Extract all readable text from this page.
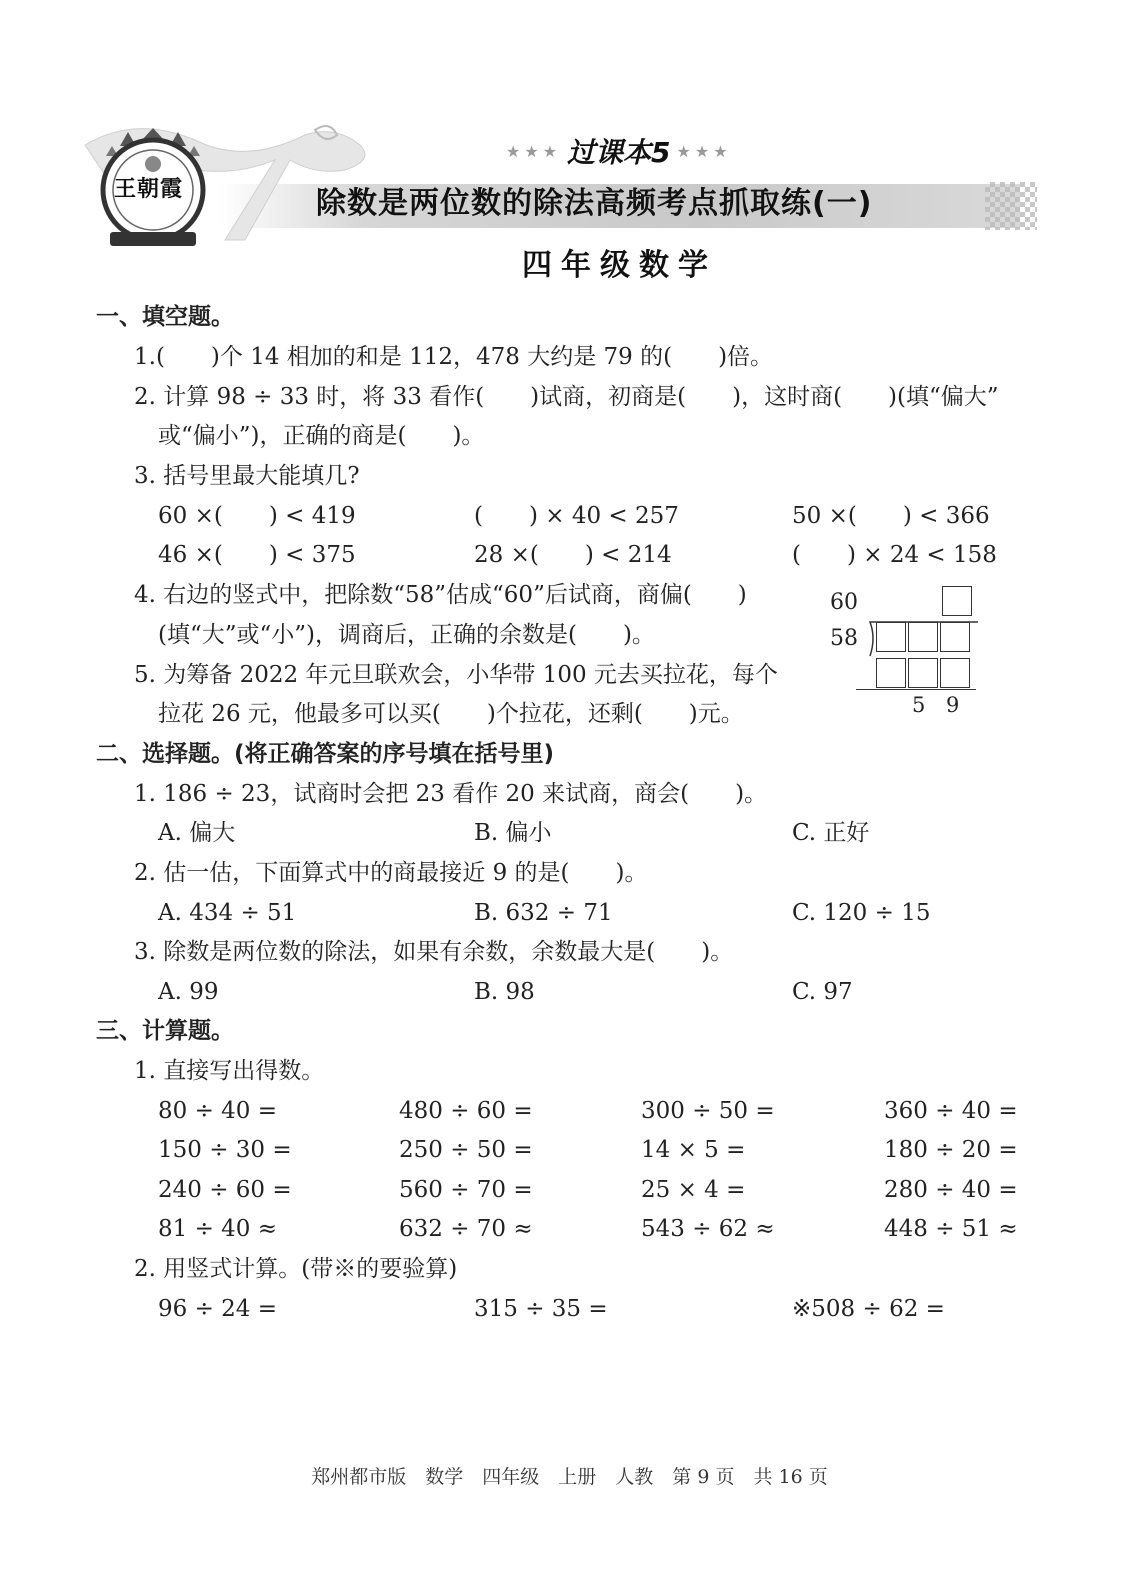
王朝霞
★★★ 过课本5 ★★★
除数是两位数的除法高频考点抓取练(一)
四年级数学
一、填空题。
1.(　　)个 14 相加的和是 112，478 大约是 79 的(　　)倍。
2. 计算 98 ÷ 33 时，将 33 看作(　　)试商，初商是(　　)，这时商(　　)(填“偏大”
或“偏小”)，正确的商是(　　)。
3. 括号里最大能填几?
60 ×(　　) < 419	(　　) × 40 < 257	50 ×(　　) < 366
46 ×(　　) < 375	28 ×(　　) < 214	(　　) × 24 < 158
4. 右边的竖式中，把除数“58”估成“60”后试商，商偏(　　)
(填“大”或“小”)，调商后，正确的余数是(　　)。
5. 为筹备 2022 年元旦联欢会，小华带 100 元去买拉花，每个
拉花 26 元，他最多可以买(　　)个拉花，还剩(　　)元。
60
58
5 9
二、选择题。(将正确答案的序号填在括号里)
1. 186 ÷ 23，试商时会把 23 看作 20 来试商，商会(　　)。
A. 偏大	B. 偏小	C. 正好
2. 估一估，下面算式中的商最接近 9 的是(　　)。
A. 434 ÷ 51	B. 632 ÷ 71	C. 120 ÷ 15
3. 除数是两位数的除法，如果有余数，余数最大是(　　)。
A. 99	B. 98	C. 97
三、计算题。
1. 直接写出得数。
80 ÷ 40 =	480 ÷ 60 =	300 ÷ 50 =	360 ÷ 40 =
150 ÷ 30 =	250 ÷ 50 =	14 × 5 =	180 ÷ 20 =
240 ÷ 60 =	560 ÷ 70 =	25 × 4 =	280 ÷ 40 =
81 ÷ 40 ≈	632 ÷ 70 ≈	543 ÷ 62 ≈	448 ÷ 51 ≈
2. 用竖式计算。(带※的要验算)
96 ÷ 24 =	315 ÷ 35 =	※508 ÷ 62 =
郑州都市版　数学　四年级　上册　人教　第 9 页　共 16 页
